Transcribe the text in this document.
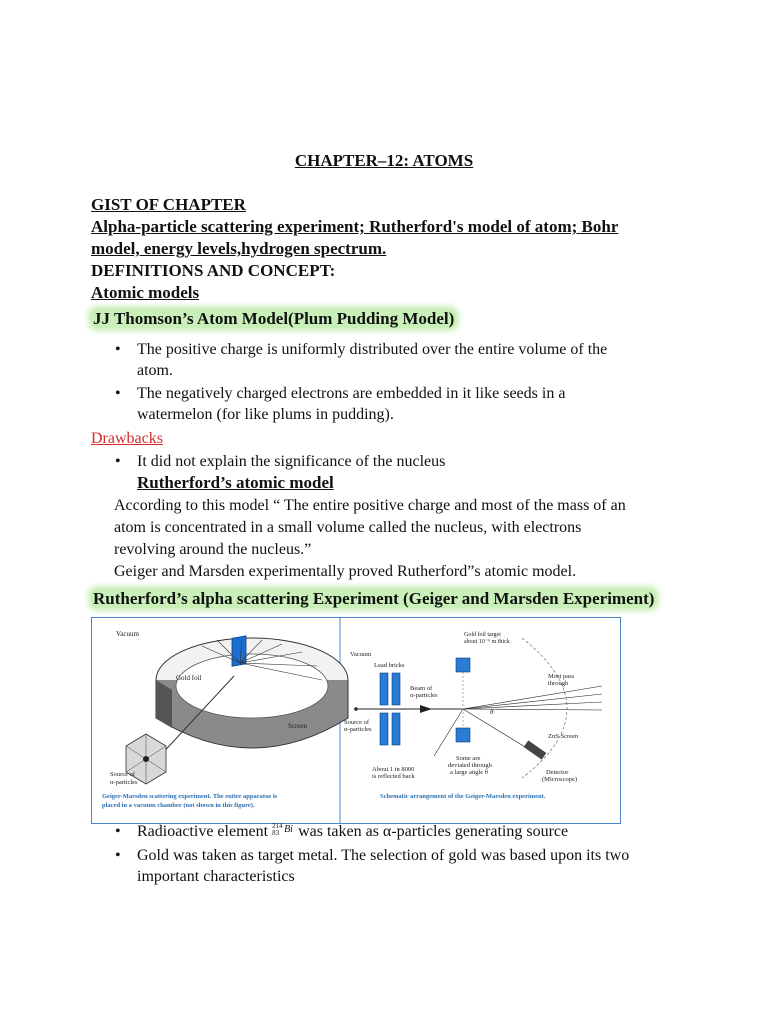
CHAPTER–12: ATOMS
GIST OF CHAPTER
Alpha-particle scattering experiment; Rutherford's model of atom; Bohr
model, energy levels,hydrogen spectrum.
DEFINITIONS AND CONCEPT:
Atomic models
JJ Thomson’s Atom Model(Plum Pudding Model)
• The positive charge is uniformly distributed over the entire volume of the
atom.
• The negatively charged electrons are embedded in it like seeds in a
watermelon (for like plums in pudding).
Drawbacks
• It did not explain the significance of the nucleus
Rutherford’s atomic model
According to this model “ The entire positive charge and most of the mass of an
atom is concentrated in a small volume called the nucleus, with electrons
revolving around the nucleus.”
Geiger and Marsden experimentally proved Rutherford”s atomic model.
Rutherford’s alpha scattering Experiment (Geiger and Marsden Experiment)
Vacuum
Gold foil
Screen
Source of
α-particles
Geiger-Marsden scattering experiment. The entire apparatus is
placed in a vacuum chamber (not shown in this figure).
Vacuum
Lead bricks
Source of
α-particles
Beam of
α-particles
Gold foil target
about 10⁻⁶ m thick
θ
Most pass
through
ZnS Screen
Detector
(Microscope)
Some are
deviated through
a large angle θ
About 1 in 8000
is reflected back
Schematic arrangement of the Geiger-Marsden experiment.
• Radioactive element 214
83 Bi was taken as α-particles generating source
• Gold was taken as target metal. The selection of gold was based upon its two
important characteristics
